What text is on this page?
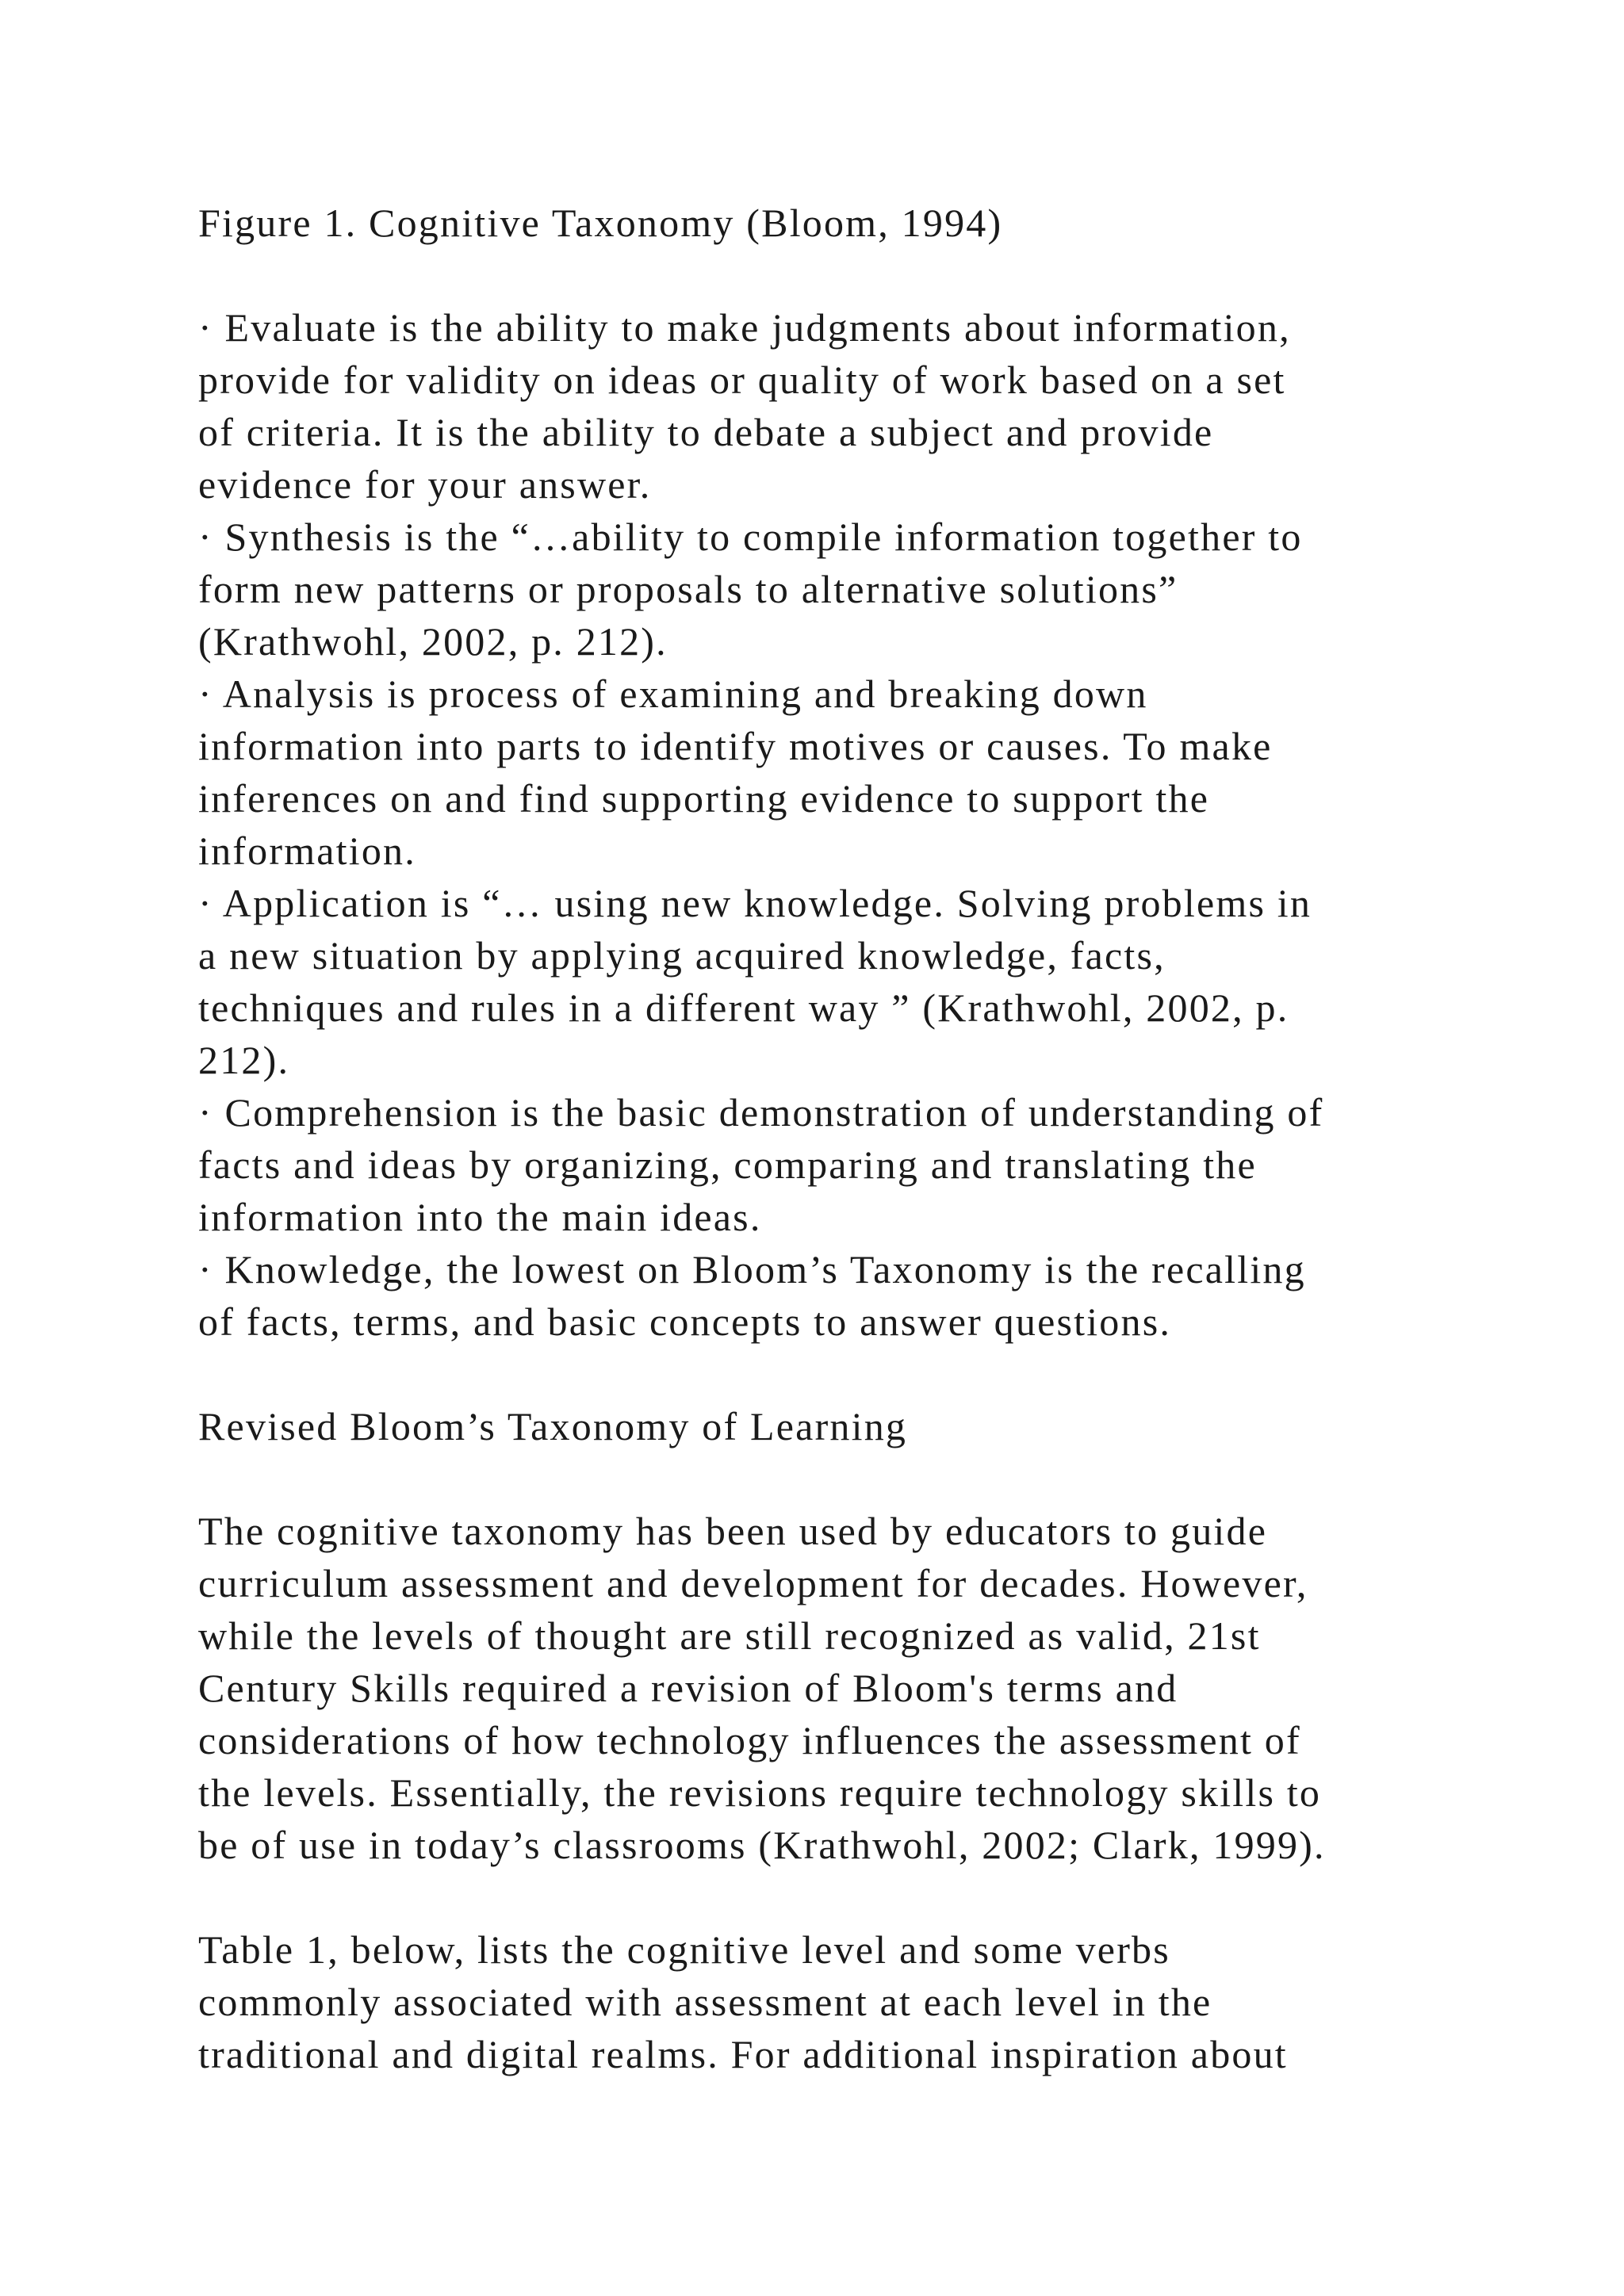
Figure 1. Cognitive Taxonomy (Bloom, 1994)
· Evaluate is the ability to make judgments about information,
provide for validity on ideas or quality of work based on a set
of criteria. It is the ability to debate a subject and provide
evidence for your answer.
· Synthesis is the “…ability to compile information together to
form new patterns or proposals to alternative solutions”
(Krathwohl, 2002, p. 212).
· Analysis is process of examining and breaking down
information into parts to identify motives or causes. To make
inferences on and find supporting evidence to support the
information.
· Application is “… using new knowledge. Solving problems in
a new situation by applying acquired knowledge, facts,
techniques and rules in a different way ” (Krathwohl, 2002, p.
212).
· Comprehension is the basic demonstration of understanding of
facts and ideas by organizing, comparing and translating the
information into the main ideas.
· Knowledge, the lowest on Bloom’s Taxonomy is the recalling
of facts, terms, and basic concepts to answer questions.
Revised Bloom’s Taxonomy of Learning
The cognitive taxonomy has been used by educators to guide
curriculum assessment and development for decades. However,
while the levels of thought are still recognized as valid, 21st
Century Skills required a revision of Bloom's terms and
considerations of how technology influences the assessment of
the levels. Essentially, the revisions require technology skills to
be of use in today’s classrooms (Krathwohl, 2002; Clark, 1999).
Table 1, below, lists the cognitive level and some verbs
commonly associated with assessment at each level in the
traditional and digital realms. For additional inspiration about
